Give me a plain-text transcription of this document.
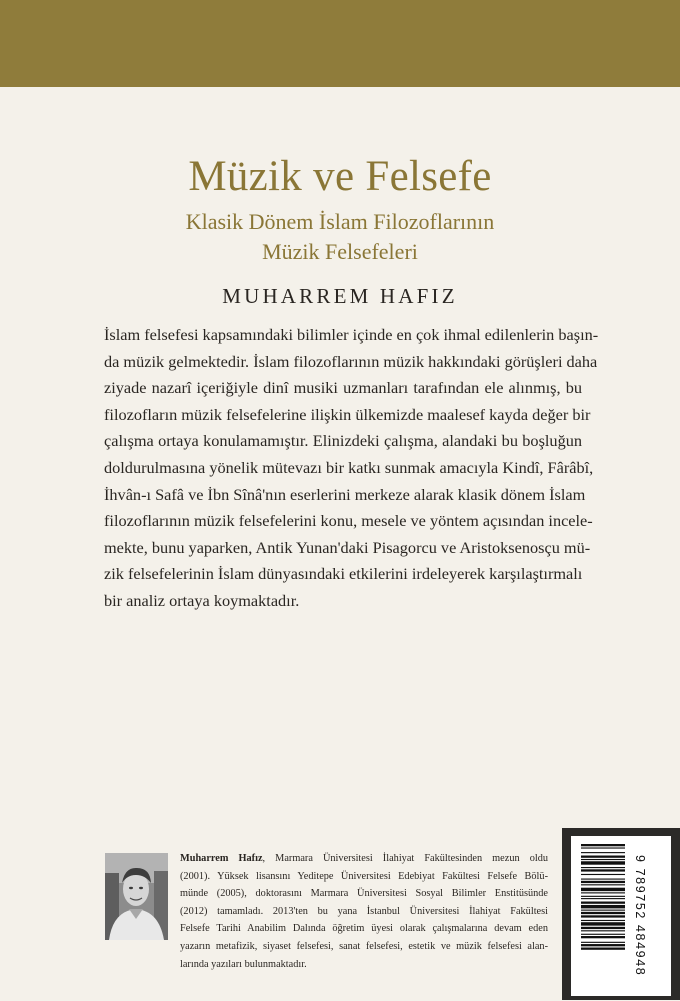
Müzik ve Felsefe
Klasik Dönem İslam Filozoflarının
Müzik Felsefeleri
MUHARREM HAFIZ
İslam felsefesi kapsamındaki bilimler içinde en çok ihmal edilenlerin başın-
da müzik gelmektedir. İslam filozoflarının müzik hakkındaki görüşleri daha
ziyade nazarî içeriğiyle dinî musiki uzmanları tarafından ele alınmış, bu
filozofların müzik felsefelerine ilişkin ülkemizde maalesef kayda değer bir
çalışma ortaya konulamamıştır. Elinizdeki çalışma, alandaki bu boşluğun
doldurulmasına yönelik mütevazı bir katkı sunmak amacıyla Kindî, Fârâbî,
İhvân-ı Safâ ve İbn Sînâ'nın eserlerini merkeze alarak klasik dönem İslam
filozoflarının müzik felsefelerini konu, mesele ve yöntem açısından incele-
mekte, bunu yaparken, Antik Yunan'daki Pisagorcu ve Aristoksenosçu mü-
zik felsefelerinin İslam dünyasındaki etkilerini irdeleyerek karşılaştırmalı
bir analiz ortaya koymaktadır.
Muharrem Hafız, Marmara Üniversitesi İlahiyat Fakültesinden mezun oldu
(2001). Yüksek lisansını Yeditepe Üniversitesi Edebiyat Fakültesi Felsefe Bölü-
münde (2005), doktorasını Marmara Üniversitesi Sosyal Bilimler Enstitüsünde
(2012) tamamladı. 2013'ten bu yana İstanbul Üniversitesi İlahiyat Fakültesi
Felsefe Tarihi Anabilim Dalında öğretim üyesi olarak çalışmalarına devam eden
yazarın metafizik, siyaset felsefesi, sanat felsefesi, estetik ve müzik felsefesi alan-
larında yazıları bulunmaktadır.	9 789752 484948
